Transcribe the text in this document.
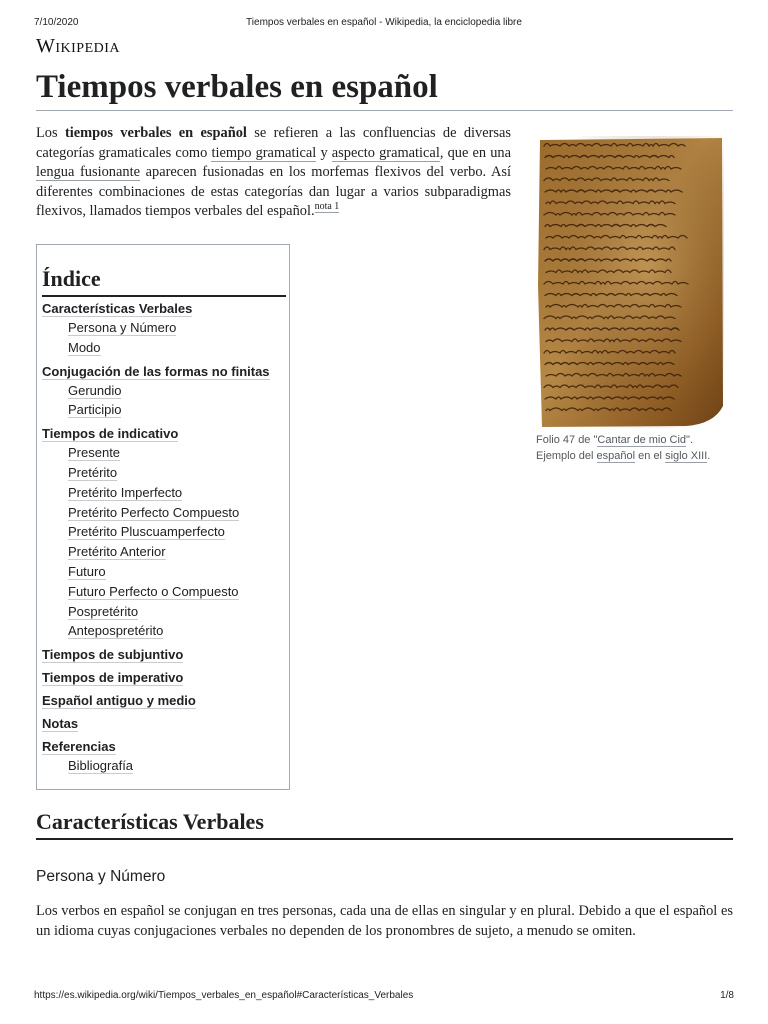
7/10/2020	Tiempos verbales en español - Wikipedia, la enciclopedia libre
Wikipedia
Tiempos verbales en español

Los tiempos verbales en español se refieren a las confluencias de diversas categorías gramaticales como tiempo gramatical y aspecto gramatical, que en una lengua fusionante aparecen fusionadas en los morfemas flexivos del verbo. Así diferentes combinaciones de estas categorías dan lugar a varios subparadigmas flexivos, llamados tiempos verbales del español.$^{nota 1}$

Folio 47 de "Cantar de mio Cid". Ejemplo del español en el siglo XIII.
Índice
Características Verbales
Persona y Número
Modo
Conjugación de las formas no finitas
Gerundio
Participio
Tiempos de indicativo
Presente
Pretérito
Pretérito Imperfecto
Pretérito Perfecto Compuesto
Pretérito Pluscuamperfecto
Pretérito Anterior
Futuro
Futuro Perfecto o Compuesto
Pospretérito
Antepospretérito
Tiempos de subjuntivo
Tiempos de imperativo
Español antiguo y medio
Notas
Referencias
Bibliografía
Características Verbales
Persona y Número

Los verbos en español se conjugan en tres personas, cada una de ellas en singular y en plural. Debido a que el español es un idioma cuyas conjugaciones verbales no dependen de los pronombres de sujeto, a menudo se omiten.

https://es.wikipedia.org/wiki/Tiempos_verbales_en_español#Características_Verbales	1/8
